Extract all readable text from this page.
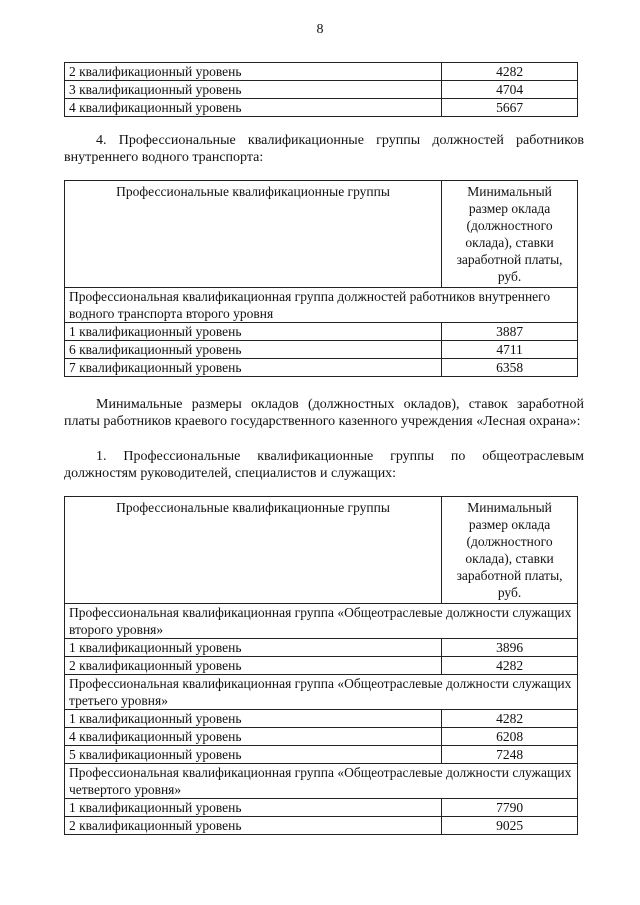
8
2 квалификационный уровень	4282
3 квалификационный уровень	4704
4 квалификационный уровень	5667

4. Профессиональные квалификационные группы должностей работников внутреннего водного транспорта:

Профессиональные квалификационные группы	Минимальный размер оклада (должностного оклада), ставки заработной платы, руб.
Профессиональная квалификационная группа должностей работников внутреннего водного транспорта второго уровня	
1 квалификационный уровень	3887
6 квалификационный уровень	4711
7 квалификационный уровень	6358

Минимальные размеры окладов (должностных окладов), ставок заработной платы работников краевого государственного казенного учреждения «Лесная охрана»:

1. Профессиональные квалификационные группы по общеотраслевым должностям руководителей, специалистов и служащих:

Профессиональные квалификационные группы	Минимальный размер оклада (должностного оклада), ставки заработной платы, руб.
Профессиональная квалификационная группа «Общеотраслевые должности служащих второго уровня»	
1 квалификационный уровень	3896
2 квалификационный уровень	4282
Профессиональная квалификационная группа «Общеотраслевые должности служащих третьего уровня»	
1 квалификационный уровень	4282
4 квалификационный уровень	6208
5 квалификационный уровень	7248
Профессиональная квалификационная группа «Общеотраслевые должности служащих четвертого уровня»	
1 квалификационный уровень	7790
2 квалификационный уровень	9025
